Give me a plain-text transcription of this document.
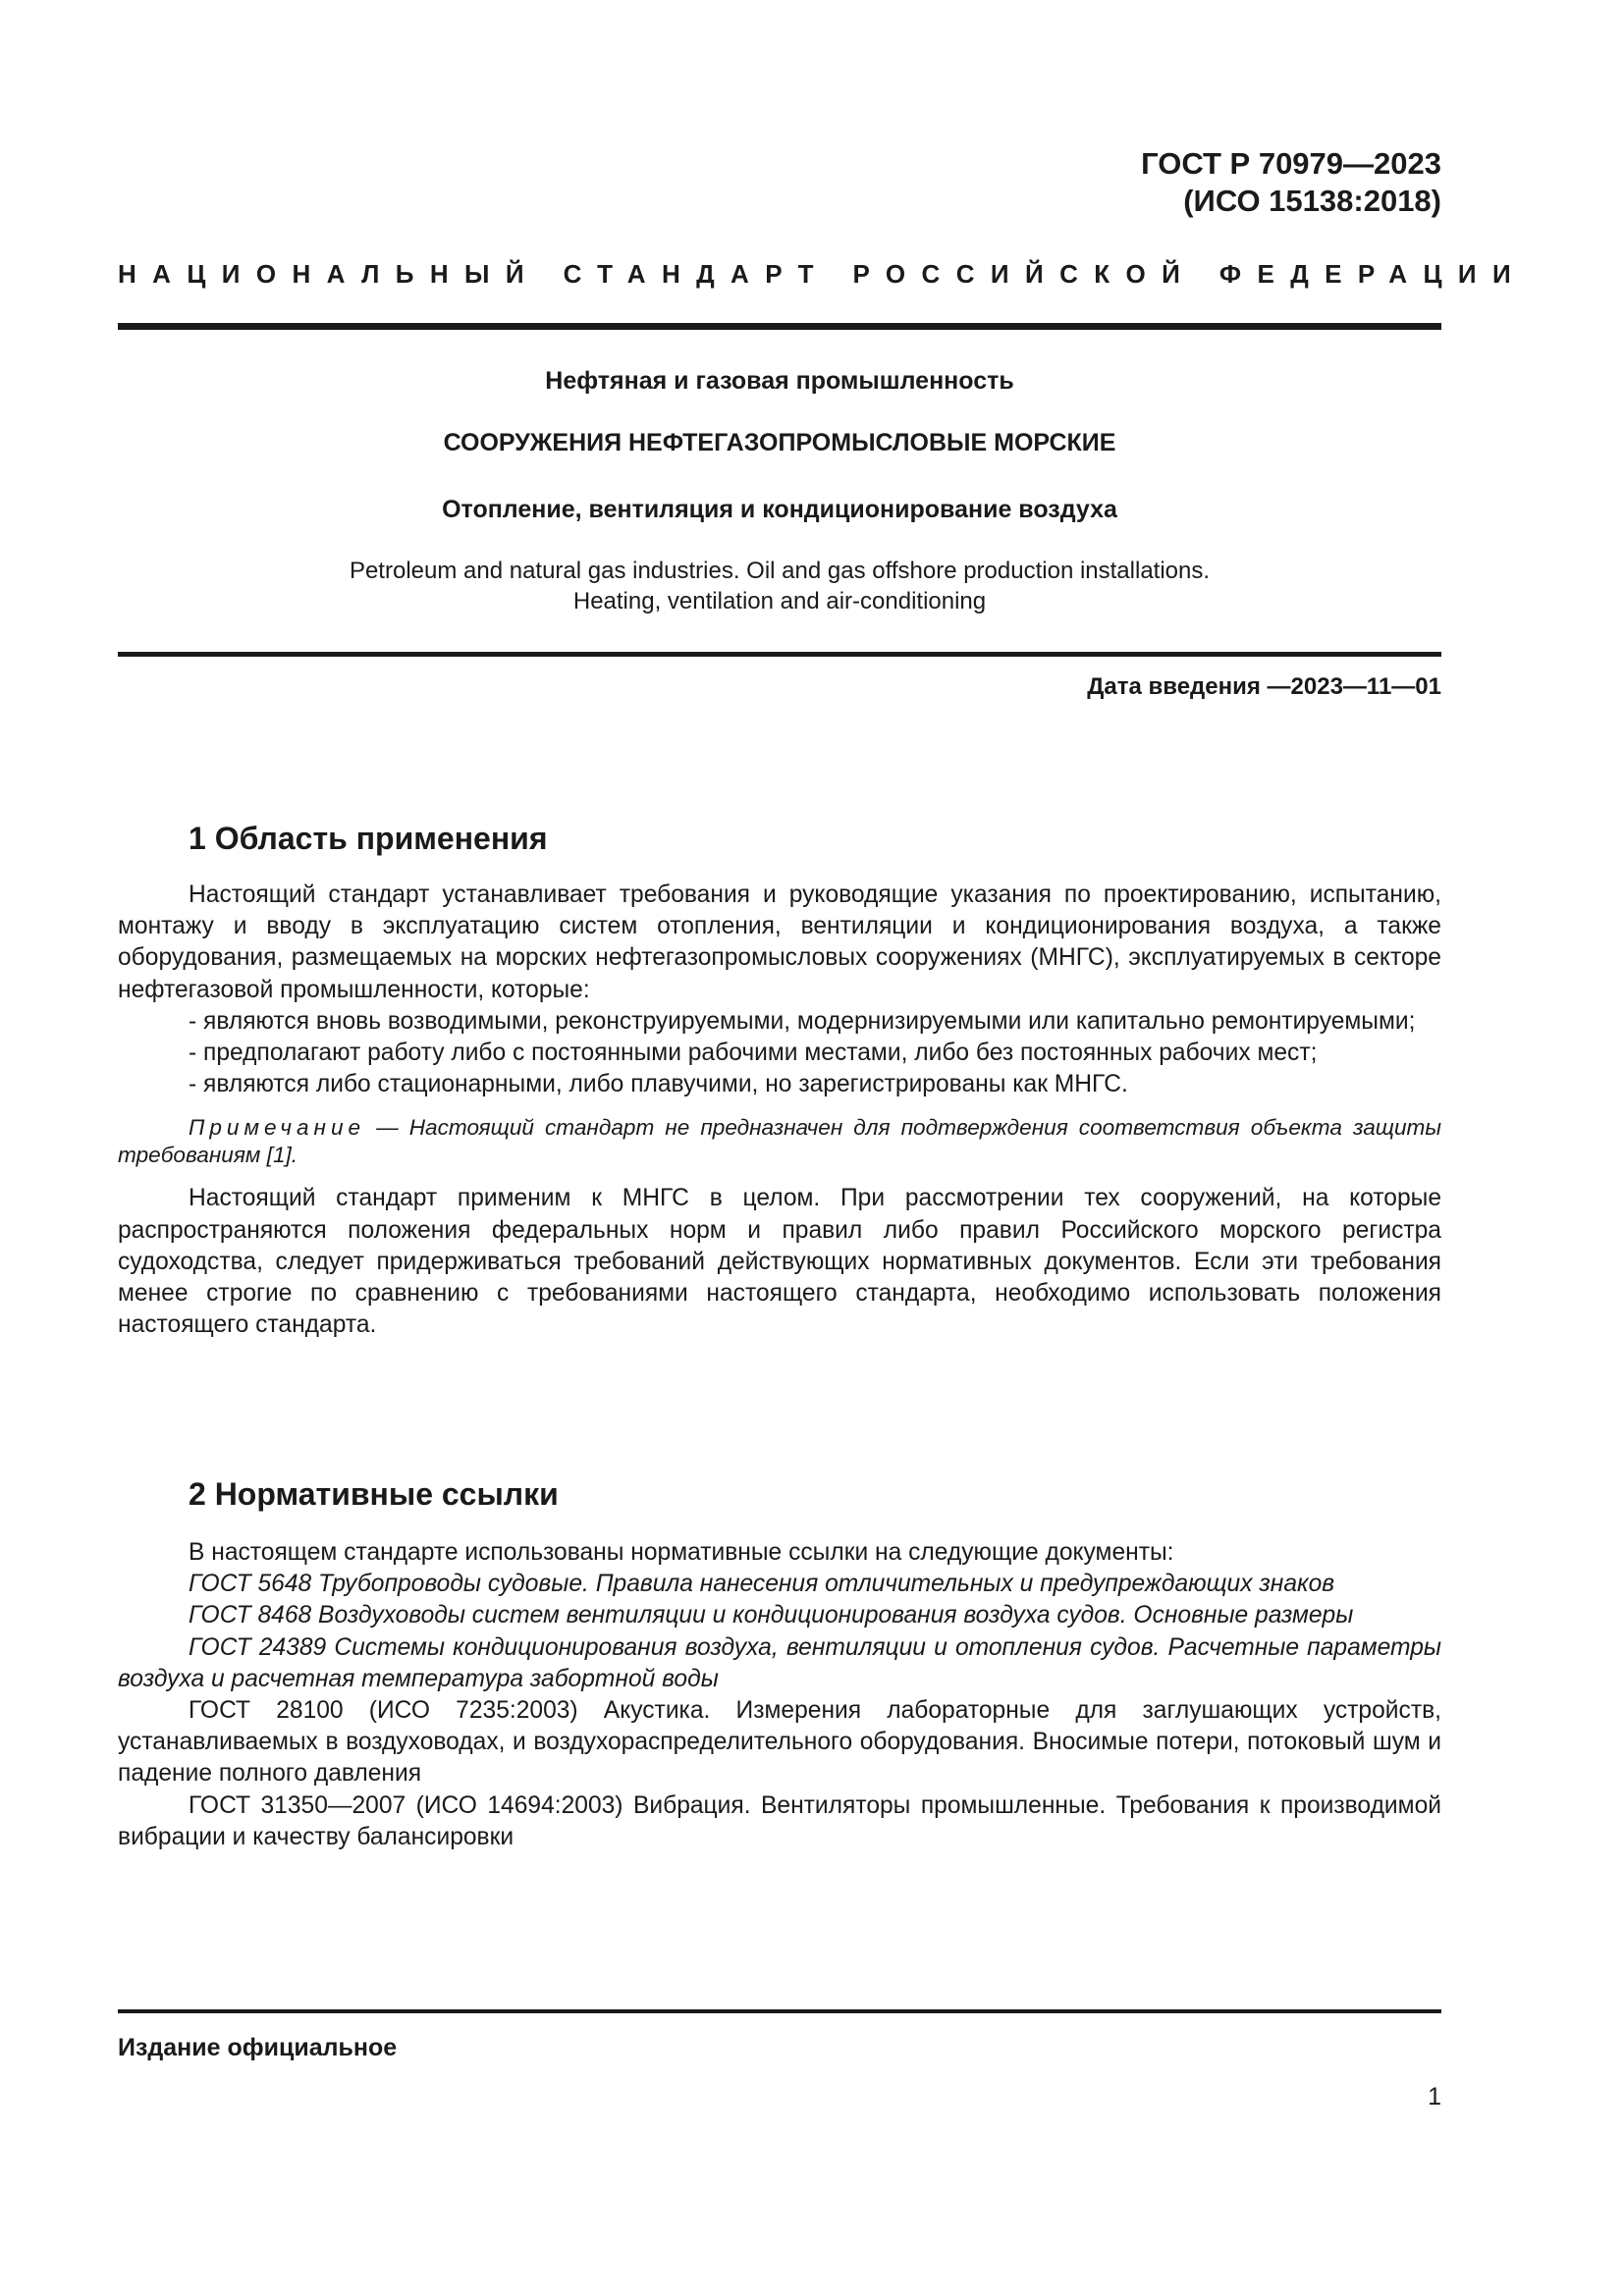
ГОСТ Р 70979—2023
(ИСО 15138:2018)
НАЦИОНАЛЬНЫЙ СТАНДАРТ РОССИЙСКОЙ ФЕДЕРАЦИИ
Нефтяная и газовая промышленность
СООРУЖЕНИЯ НЕФТЕГАЗОПРОМЫСЛОВЫЕ МОРСКИЕ
Отопление, вентиляция и кондиционирование воздуха
Petroleum and natural gas industries. Oil and gas offshore production installations.
Heating, ventilation and air-conditioning
Дата введения —2023—11—01
1 Область применения

Настоящий стандарт устанавливает требования и руководящие указания по проектированию, испытанию, монтажу и вводу в эксплуатацию систем отопления, вентиляции и кондиционирования воздуха, а также оборудования, размещаемых на морских нефтегазопромысловых сооружениях (МНГС), эксплуатируемых в секторе нефтегазовой промышленности, которые:

- являются вновь возводимыми, реконструируемыми, модернизируемыми или капитально ремонтируемыми;

- предполагают работу либо с постоянными рабочими местами, либо без постоянных рабочих мест;

- являются либо стационарными, либо плавучими, но зарегистрированы как МНГС.

Примечание — Настоящий стандарт не предназначен для подтверждения соответствия объекта защиты требованиям [1].

Настоящий стандарт применим к МНГС в целом. При рассмотрении тех сооружений, на которые распространяются положения федеральных норм и правил либо правил Российского морского регистра судоходства, следует придерживаться требований действующих нормативных документов. Если эти требования менее строгие по сравнению с требованиями настоящего стандарта, необходимо использовать положения настоящего стандарта.

2 Нормативные ссылки

В настоящем стандарте использованы нормативные ссылки на следующие документы:

ГОСТ 5648 Трубопроводы судовые. Правила нанесения отличительных и предупреждающих знаков

ГОСТ 8468 Воздуховоды систем вентиляции и кондиционирования воздуха судов. Основные размеры

ГОСТ 24389 Системы кондиционирования воздуха, вентиляции и отопления судов. Расчетные параметры воздуха и расчетная температура забортной воды

ГОСТ 28100 (ИСО 7235:2003) Акустика. Измерения лабораторные для заглушающих устройств, устанавливаемых в воздуховодах, и воздухораспределительного оборудования. Вносимые потери, потоковый шум и падение полного давления

ГОСТ 31350—2007 (ИСО 14694:2003) Вибрация. Вентиляторы промышленные. Требования к производимой вибрации и качеству балансировки

Издание официальное
1
